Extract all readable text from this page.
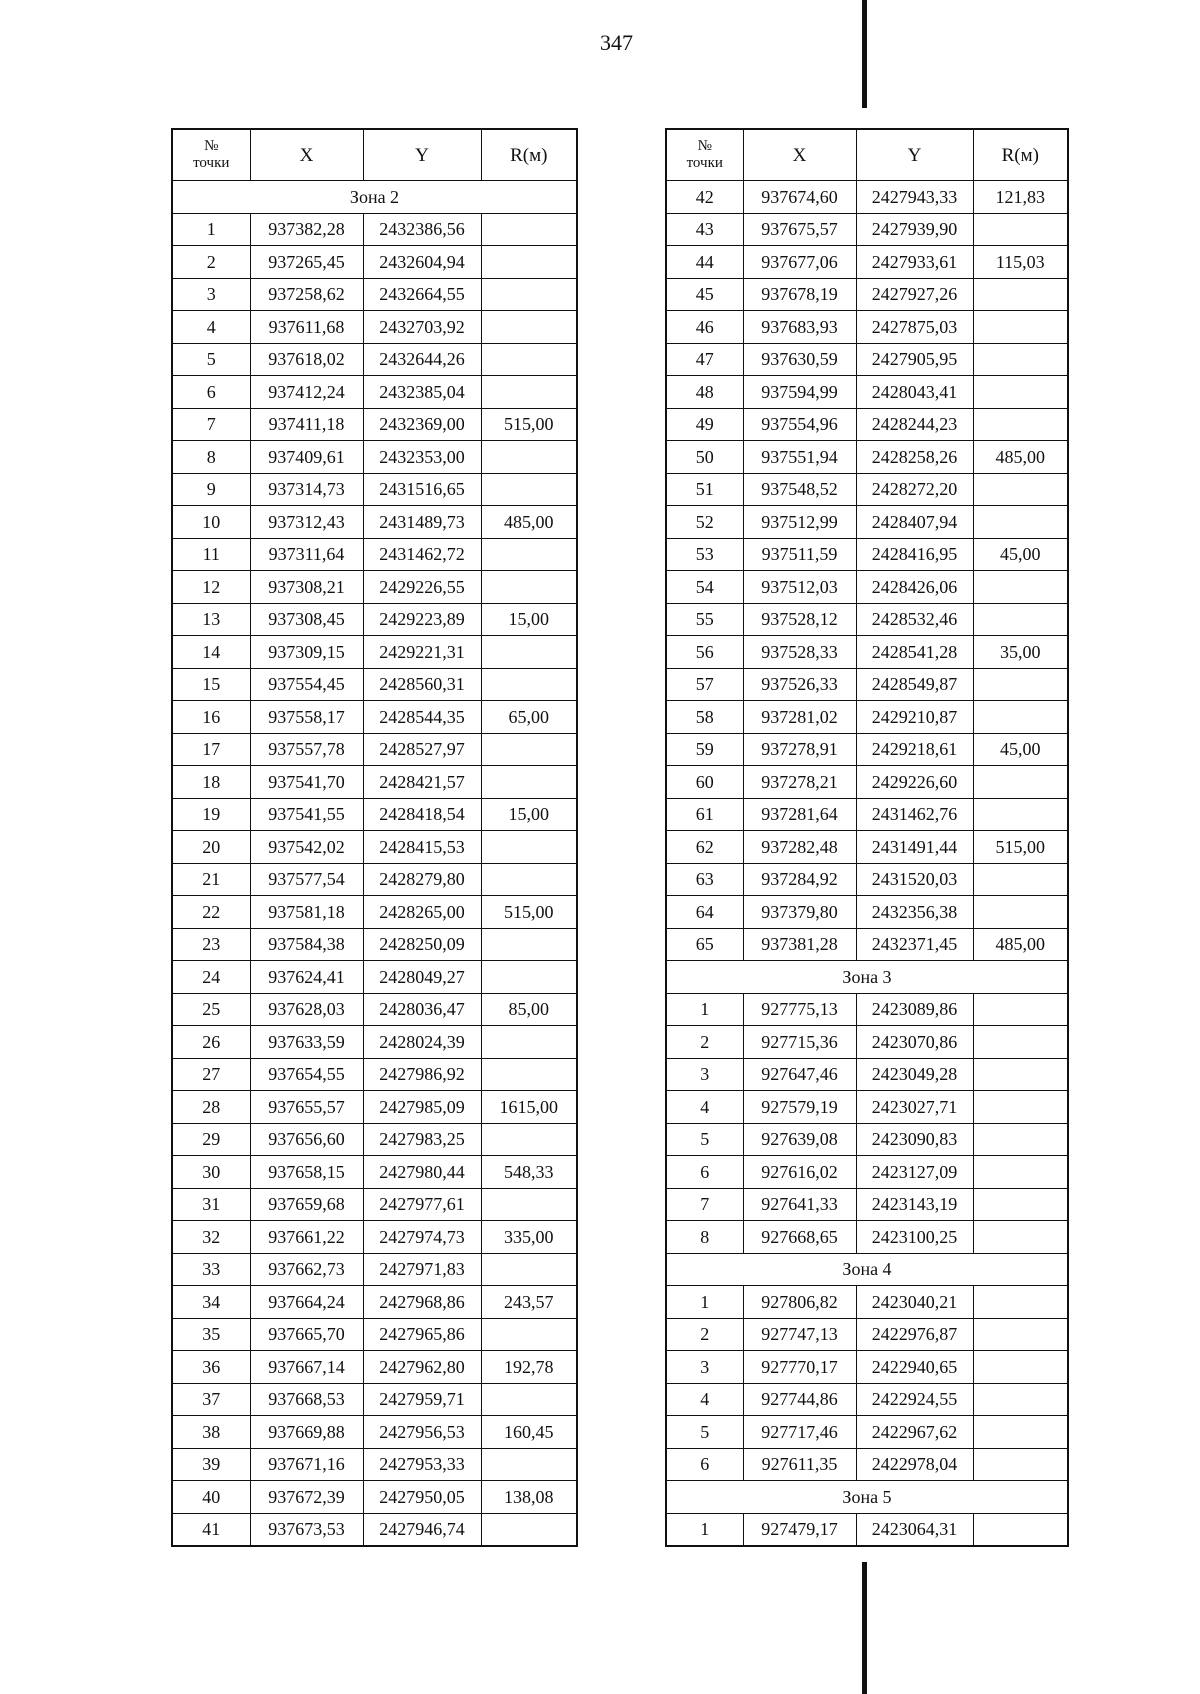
347
№
точки	X	Y	R(м)
Зона 2			
1	937382,28	2432386,56	
2	937265,45	2432604,94	
3	937258,62	2432664,55	
4	937611,68	2432703,92	
5	937618,02	2432644,26	
6	937412,24	2432385,04	
7	937411,18	2432369,00	515,00
8	937409,61	2432353,00	
9	937314,73	2431516,65	
10	937312,43	2431489,73	485,00
11	937311,64	2431462,72	
12	937308,21	2429226,55	
13	937308,45	2429223,89	15,00
14	937309,15	2429221,31	
15	937554,45	2428560,31	
16	937558,17	2428544,35	65,00
17	937557,78	2428527,97	
18	937541,70	2428421,57	
19	937541,55	2428418,54	15,00
20	937542,02	2428415,53	
21	937577,54	2428279,80	
22	937581,18	2428265,00	515,00
23	937584,38	2428250,09	
24	937624,41	2428049,27	
25	937628,03	2428036,47	85,00
26	937633,59	2428024,39	
27	937654,55	2427986,92	
28	937655,57	2427985,09	1615,00
29	937656,60	2427983,25	
30	937658,15	2427980,44	548,33
31	937659,68	2427977,61	
32	937661,22	2427974,73	335,00
33	937662,73	2427971,83	
34	937664,24	2427968,86	243,57
35	937665,70	2427965,86	
36	937667,14	2427962,80	192,78
37	937668,53	2427959,71	
38	937669,88	2427956,53	160,45
39	937671,16	2427953,33	
40	937672,39	2427950,05	138,08
41	937673,53	2427946,74	
№
точки	X	Y	R(м)
42	937674,60	2427943,33	121,83
43	937675,57	2427939,90	
44	937677,06	2427933,61	115,03
45	937678,19	2427927,26	
46	937683,93	2427875,03	
47	937630,59	2427905,95	
48	937594,99	2428043,41	
49	937554,96	2428244,23	
50	937551,94	2428258,26	485,00
51	937548,52	2428272,20	
52	937512,99	2428407,94	
53	937511,59	2428416,95	45,00
54	937512,03	2428426,06	
55	937528,12	2428532,46	
56	937528,33	2428541,28	35,00
57	937526,33	2428549,87	
58	937281,02	2429210,87	
59	937278,91	2429218,61	45,00
60	937278,21	2429226,60	
61	937281,64	2431462,76	
62	937282,48	2431491,44	515,00
63	937284,92	2431520,03	
64	937379,80	2432356,38	
65	937381,28	2432371,45	485,00
Зона 3			
1	927775,13	2423089,86	
2	927715,36	2423070,86	
3	927647,46	2423049,28	
4	927579,19	2423027,71	
5	927639,08	2423090,83	
6	927616,02	2423127,09	
7	927641,33	2423143,19	
8	927668,65	2423100,25	
Зона 4			
1	927806,82	2423040,21	
2	927747,13	2422976,87	
3	927770,17	2422940,65	
4	927744,86	2422924,55	
5	927717,46	2422967,62	
6	927611,35	2422978,04	
Зона 5			
1	927479,17	2423064,31	
